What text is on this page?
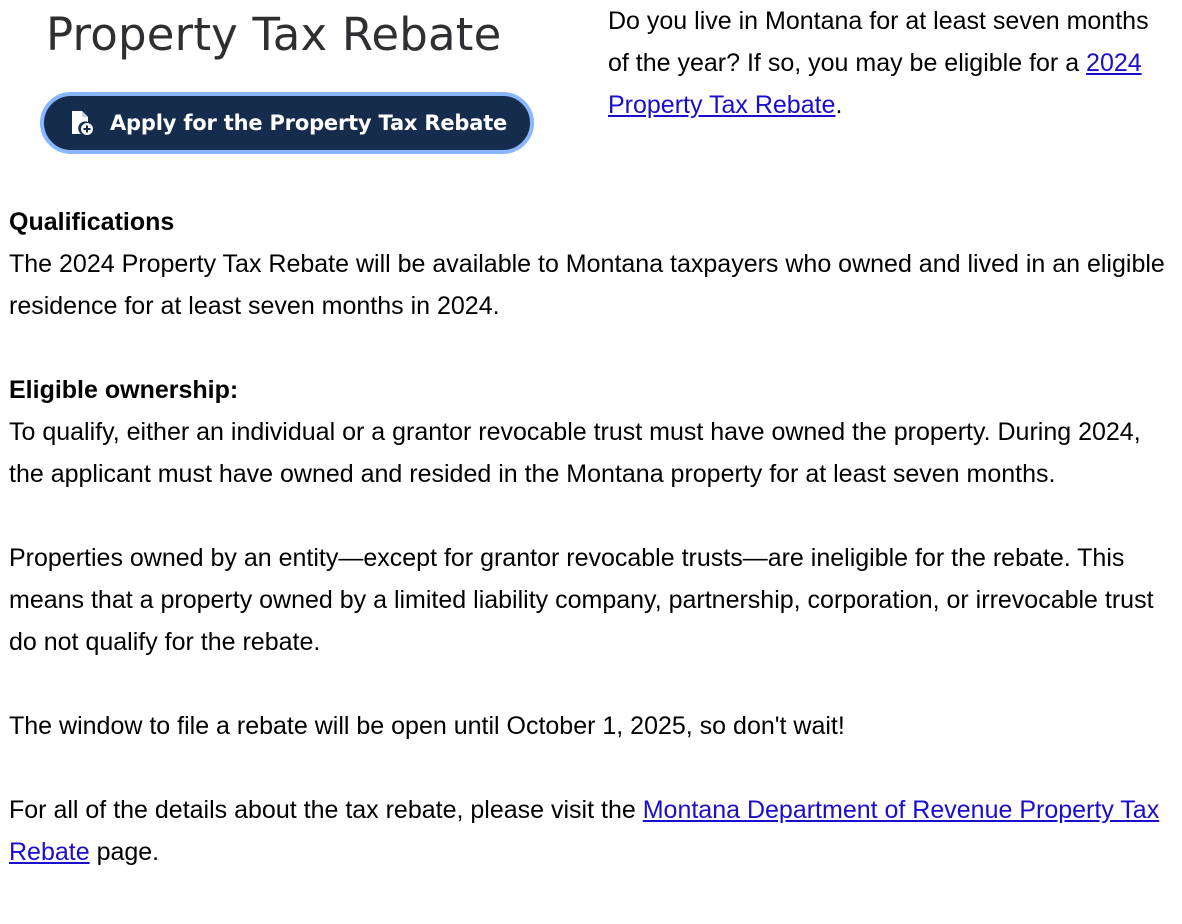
Property Tax Rebate
Apply for the Property Tax Rebate

Do you live in Montana for at least seven months of the year? If so, you may be eligible for a 2024 Property Tax Rebate.

Qualifications
The 2024 Property Tax Rebate will be available to Montana taxpayers who owned and lived in an eligible residence for at least seven months in 2024.

Eligible ownership:
To qualify, either an individual or a grantor revocable trust must have owned the property. During 2024, the applicant must have owned and resided in the Montana property for at least seven months.

Properties owned by an entity—except for grantor revocable trusts—are ineligible for the rebate. This means that a property owned by a limited liability company, partnership, corporation, or irrevocable trust do not qualify for the rebate.

The window to file a rebate will be open until October 1, 2025, so don't wait!

For all of the details about the tax rebate, please visit the Montana Department of Revenue Property Tax Rebate page.
